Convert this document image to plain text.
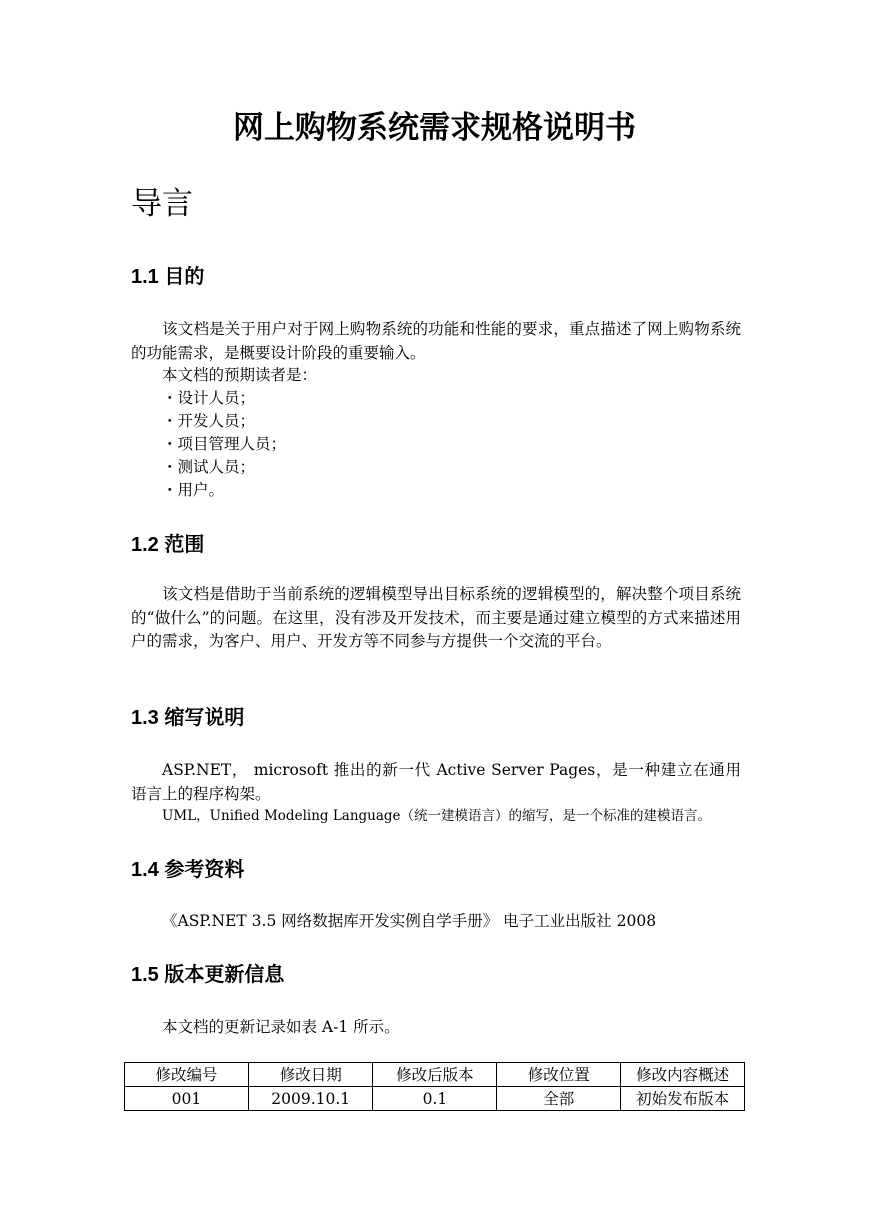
网上购物系统需求规格说明书
导言
1.1 目的
该文档是关于用户对于网上购物系统的功能和性能的要求，重点描述了网上购物系统的功能需求，是概要设计阶段的重要输入。
本文档的预期读者是：
・设计人员；
・开发人员；
・项目管理人员；
・测试人员；
・用户。
1.2 范围
该文档是借助于当前系统的逻辑模型导出目标系统的逻辑模型的，解决整个项目系统的“做什么”的问题。在这里，没有涉及开发技术，而主要是通过建立模型的方式来描述用户的需求，为客户、用户、开发方等不同参与方提供一个交流的平台。
1.3 缩写说明
ASP.NET， microsoft 推出的新一代 Active Server Pages，是一种建立在通用语言上的程序构架。
UML，Unified Modeling Language（统一建模语言）的缩写，是一个标准的建模语言。
1.4 参考资料
《ASP.NET 3.5 网络数据库开发实例自学手册》 电子工业出版社 2008
1.5 版本更新信息
本文档的更新记录如表 A-1 所示。
修改编号	修改日期	修改后版本	修改位置	修改内容概述
001	2009.10.1	0.1	全部	初始发布版本
